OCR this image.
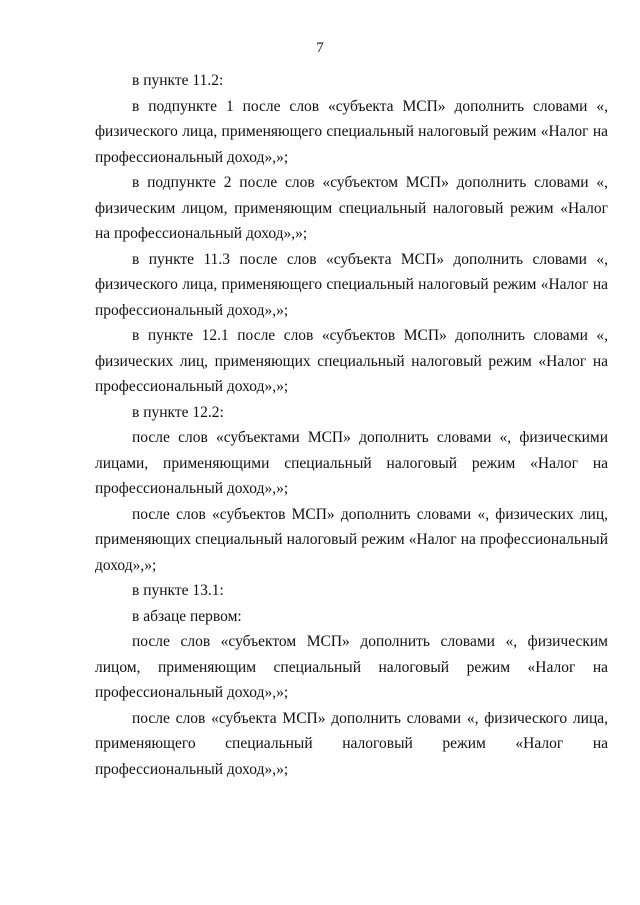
7

в пункте 11.2:

в подпункте 1 после слов «субъекта МСП» дополнить словами «, физического лица, применяющего специальный налоговый режим «Налог на профессиональный доход»,»;

в подпункте 2 после слов «субъектом МСП» дополнить словами «, физическим лицом, применяющим специальный налоговый режим «Налог на профессиональный доход»,»;

в пункте 11.3 после слов «субъекта МСП» дополнить словами «, физического лица, применяющего специальный налоговый режим «Налог на профессиональный доход»,»;

в пункте 12.1 после слов «субъектов МСП» дополнить словами «, физических лиц, применяющих специальный налоговый режим «Налог на профессиональный доход»,»;

в пункте 12.2:

после слов «субъектами МСП» дополнить словами «, физическими лицами, применяющими специальный налоговый режим «Налог на профессиональный доход»,»;

после слов «субъектов МСП» дополнить словами «, физических лиц, применяющих специальный налоговый режим «Налог на профессиональный доход»,»;

в пункте 13.1:

в абзаце первом:

после слов «субъектом МСП» дополнить словами «, физическим лицом, применяющим специальный налоговый режим «Налог на профессиональный доход»,»;

после слов «субъекта МСП» дополнить словами «, физического лица, применяющего специальный налоговый режим «Налог на профессиональный доход»,»;
